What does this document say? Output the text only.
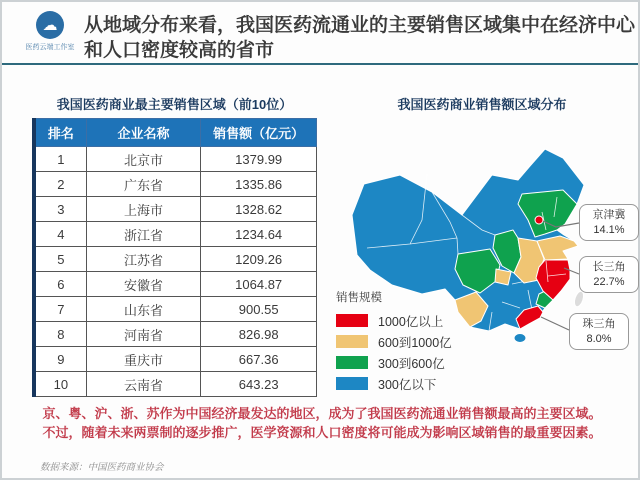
☁
医药云端工作室
从地域分布来看，我国医药流通业的主要销售区域集中在经济中心和人口密度较高的省市
我国医药商业最主要销售区域（前10位）
排名	企业名称	销售额（亿元）
1	北京市	1379.99
2	广东省	1335.86
3	上海市	1328.62
4	浙江省	1234.64
5	江苏省	1209.26
6	安徽省	1064.87
7	山东省	900.55
8	河南省	826.98
9	重庆市	667.36
10	云南省	643.23
我国医药商业销售额区域分布
销售规模
1000亿以上
600到1000亿
300到600亿
300亿以下
京津冀
14.1%
长三角
22.7%
珠三角
8.0%
京、粤、沪、浙、苏作为中国经济最发达的地区，成为了我国医药流通业销售额最高的主要区域。
不过，随着未来两票制的逐步推广，医学资源和人口密度将可能成为影响区域销售的最重要因素。
数据来源：中国医药商业协会
